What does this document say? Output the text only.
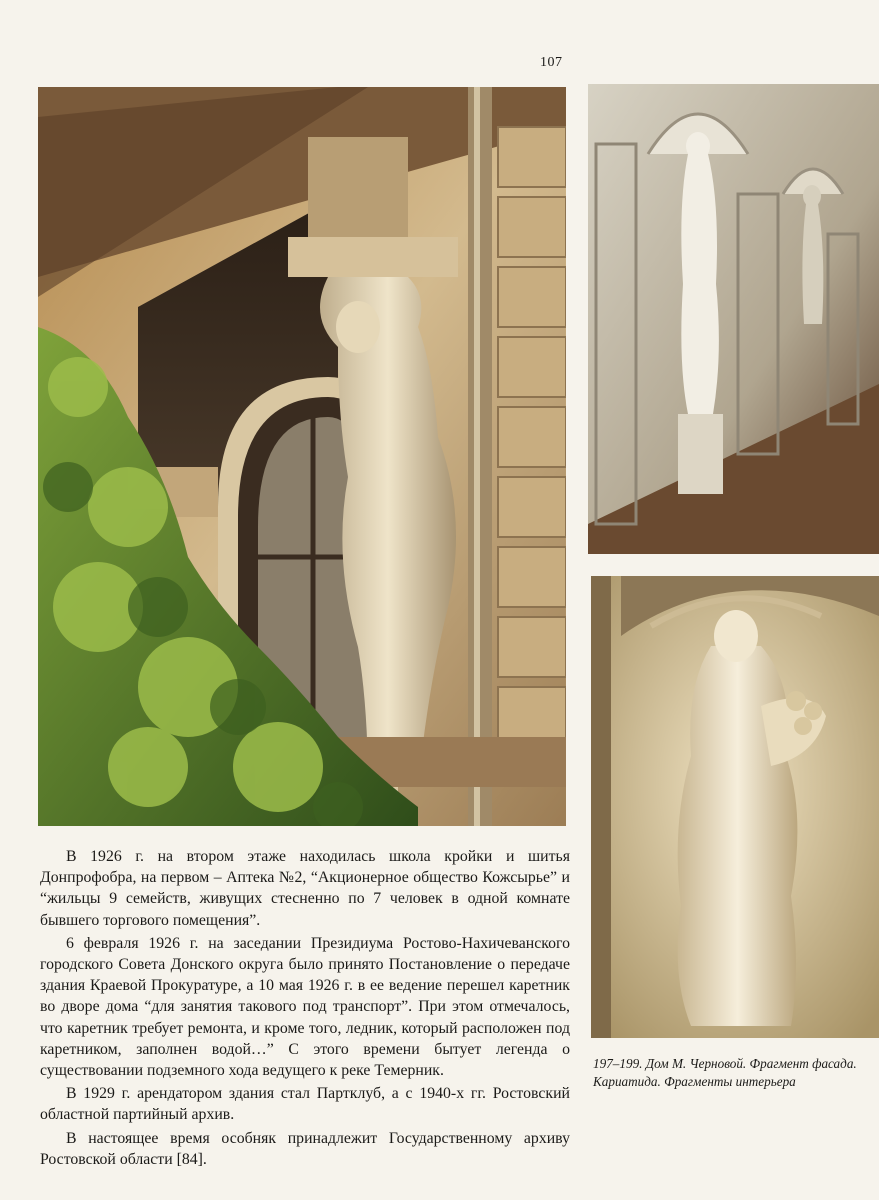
107

В 1926 г. на втором этаже находилась школа кройки и шитья Донпрофобра, на первом – Аптека №2, “Акционерное общество Кожсырье” и “жильцы 9 семейств, живущих стесненно по 7 человек в одной комнате бывшего торгового помещения”.

6 февраля 1926 г. на заседании Президиума Ростово-Нахичеванского городского Совета Донского округа было принято Постановление о передаче здания Краевой Прокуратуре, а 10 мая 1926 г. в ее ведение перешел каретник во дворе дома “для занятия такового под транспорт”. При этом отмечалось, что каретник требует ремонта, и кроме того, ледник, который расположен под каретником, заполнен водой…” С этого времени бытует легенда о существовании подземного хода ведущего к реке Темерник.

В 1929 г. арендатором здания стал Партклуб, а с 1940-х гг. Ростовский областной партийный архив.

В настоящее время особняк принадлежит Государственному архиву Ростовской области [84].

197–199. Дом М. Черновой. Фрагмент фасада. Кариатида. Фрагменты интерьера
